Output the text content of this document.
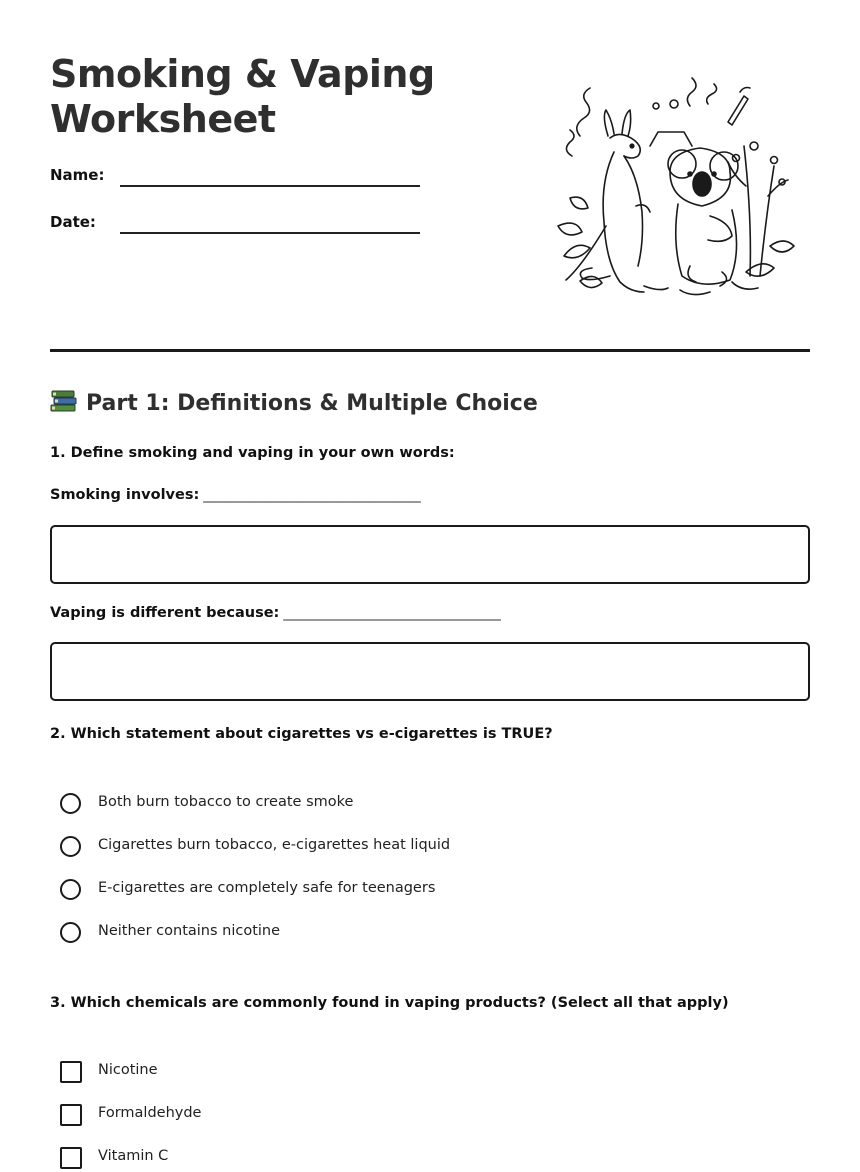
Smoking & Vaping
Worksheet
Name:
Date:
Part 1: Definitions & Multiple Choice
1. Define smoking and vaping in your own words:
Smoking involves: ______________________________
Vaping is different because: ______________________________
2. Which statement about cigarettes vs e-cigarettes is TRUE?
Both burn tobacco to create smoke
Cigarettes burn tobacco, e-cigarettes heat liquid
E-cigarettes are completely safe for teenagers
Neither contains nicotine
3. Which chemicals are commonly found in vaping products? (Select all that apply)
Nicotine
Formaldehyde
Vitamin C
